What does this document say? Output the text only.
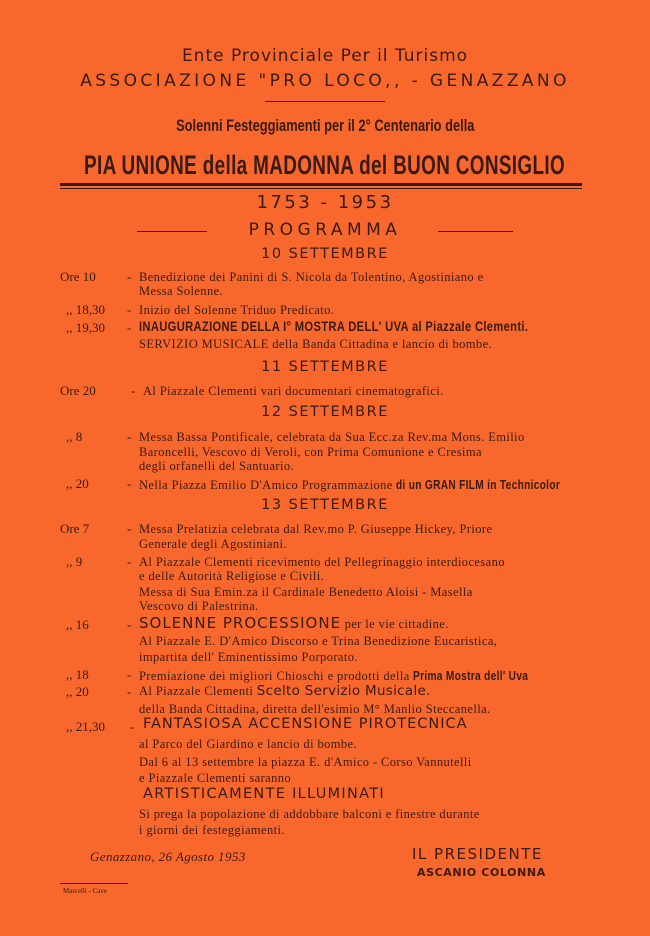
Ente Provinciale Per il Turismo
ASSOCIAZIONE "PRO LOCO,, - GENAZZANO
Solenni Festeggiamenti per il 2° Centenario della
PIA UNIONE della MADONNA del BUON CONSIGLIO
1753 - 1953
PROGRAMMA
10 SETTEMBRE
Ore 10 - Benedizione dei Panini di S. Nicola da Tolentino, Agostiniano e
Messa Solenne.
,, 18,30 - Inizio del Solenne Triduo Predicato.
,, 19,30 - INAUGURAZIONE DELLA I° MOSTRA DELL' UVA al Piazzale Clementi.
SERVIZIO MUSICALE della Banda Cittadina e lancio di bombe.
11 SETTEMBRE
Ore 20	- Al Piazzale Clementi vari documentari cinematografici.
12 SETTEMBRE
,, 8	- Messa Bassa Pontificale, celebrata da Sua Ecc.za Rev.ma Mons. Emilio
Baroncelli, Vescovo di Veroli, con Prima Comunione e Cresima
degli orfanelli del Santuario.
,, 20	- Nella Piazza Emilio D'Amico Programmazione di un GRAN FILM in Technicolor
13 SETTEMBRE
Ore 7	- Messa Prelatizia celebrata dal Rev.mo P. Giuseppe Hickey, Priore
Generale degli Agostiniani.
,, 9	- Al Piazzale Clementi ricevimento del Pellegrinaggio interdiocesano
e delle Autorità Religiose e Civili.
Messa di Sua Emin.za il Cardinale Benedetto Aloisi - Masella
Vescovo di Palestrina.
,, 16	- SOLENNE PROCESSIONE per le vie cittadine.
Al Piazzale E. D'Amico Discorso e Trina Benedizione Eucaristica,
impartita dell' Eminentissimo Porporato.
,, 18	- Premiazione dei migliori Chioschi e prodotti della Prima Mostra dell' Uva
,, 20	- Al Piazzale Clementi Scelto Servizio Musicale.
della Banda Cittadina, diretta dell'esimio M° Manlio Steccanella.
,, 21,30 - FANTASIOSA ACCENSIONE PIROTECNICA
al Parco del Giardino e lancio di bombe.
Dal 6 al 13 settembre la piazza E. d'Amico - Corso Vannutelli
e Piazzale Clementi saranno
ARTISTICAMENTE ILLUMINATI
Si prega la popolazione di addobbare balconi e finestre durante
i giorni dei festeggiamenti.
Genazzano, 26 Agosto 1953	IL PRESIDENTE
ASCANIO COLONNA
Marcelli - Cave
